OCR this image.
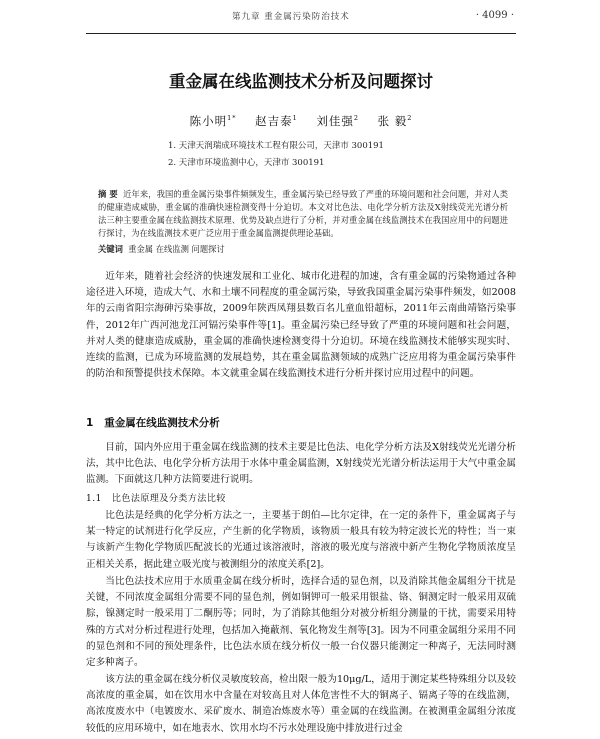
第九章 重金属污染防治技术	· 4099 ·
重金属在线监测技术分析及问题探讨
陈小明$^{1*}$ 赵吉泰$^1$ 刘佳强$^2$ 张 毅$^2$
1. 天津天润瑞成环境技术工程有限公司，天津市 300191
2. 天津市环境监测中心，天津市 300191
摘 要 近年来，我国的重金属污染事件频频发生，重金属污染已经导致了严重的环境问题和社会问题，并对人类的健康造成威胁，重金属的准确快速检测变得十分迫切。本文对比色法、电化学分析方法及X射线荧光光谱分析法三种主要重金属在线监测技术原理、优势及缺点进行了分析，并对重金属在线监测技术在我国应用中的问题进行探讨，为在线监测技术更广泛应用于重金属监测提供理论基础。
关键词 重金属 在线监测 问题探讨
近年来，随着社会经济的快速发展和工业化、城市化进程的加速，含有重金属的污染物通过各种途径进入环境，造成大气、水和土壤不同程度的重金属污染，导致我国重金属污染事件频发，如2008年的云南省阳宗海砷污染事故，2009年陕西凤翔县数百名儿童血铅超标，2011年云南曲靖铬污染事件，2012年广西河池龙江河镉污染事件等[1]。重金属污染已经导致了严重的环境问题和社会问题，并对人类的健康造成威胁，重金属的准确快速检测变得十分迫切。环境在线监测技术能够实现实时、连续的监测，已成为环境监测的发展趋势，其在重金属监测领域的成熟广泛应用将为重金属污染事件的防治和预警提供技术保障。本文就重金属在线监测技术进行分析并探讨应用过程中的问题。
1 重金属在线监测技术分析
目前，国内外应用于重金属在线监测的技术主要是比色法、电化学分析方法及X射线荧光光谱分析法，其中比色法、电化学分析方法用于水体中重金属监测，X射线荧光光谱分析法运用于大气中重金属监测。下面就这几种方法简要进行说明。
1.1 比色法原理及分类方法比较
比色法是经典的化学分析方法之一，主要基于朗伯—比尔定律，在一定的条件下，重金属离子与某一特定的试剂进行化学反应，产生新的化学物质，该物质一般具有较为特定波长光的特性；当一束与该新产生物化学物质匹配波长的光通过该溶液时，溶液的吸光度与溶液中新产生物化学物质浓度呈正相关关系，据此建立吸光度与被测组分的浓度关系[2]。
当比色法技术应用于水质重金属在线分析时，选择合适的显色剂，以及消除其他金属组分干扰是关键，不同浓度金属组分需要不同的显色剂，例如铜钾可一般采用银盐、铬、铜测定时一般采用双硫腙，镍测定时一般采用丁二酮肟等；同时，为了消除其他组分对被分析组分测量的干扰，需要采用特殊的方式对分析过程进行处理，包括加入掩蔽剂、氧化物发生剂等[3]。因为不同重金属组分采用不同的显色剂和不同的预处理条件，比色法水质在线分析仪一般一台仪器只能测定一种离子，无法同时测定多种离子。
该方法的重金属在线分析仪灵敏度较高，检出限一般为10μg/L，适用于测定某些特殊组分以及较高浓度的重金属，如在饮用水中含量在对较高且对人体危害性不大的铜离子、镉离子等的在线监测，高浓度废水中（电镀废水、采矿废水、制造冶炼废水等）重金属的在线监测。在被测重金属组分浓度较低的应用环境中，如在地表水、饮用水均不污水处理设施中排放进行过金
